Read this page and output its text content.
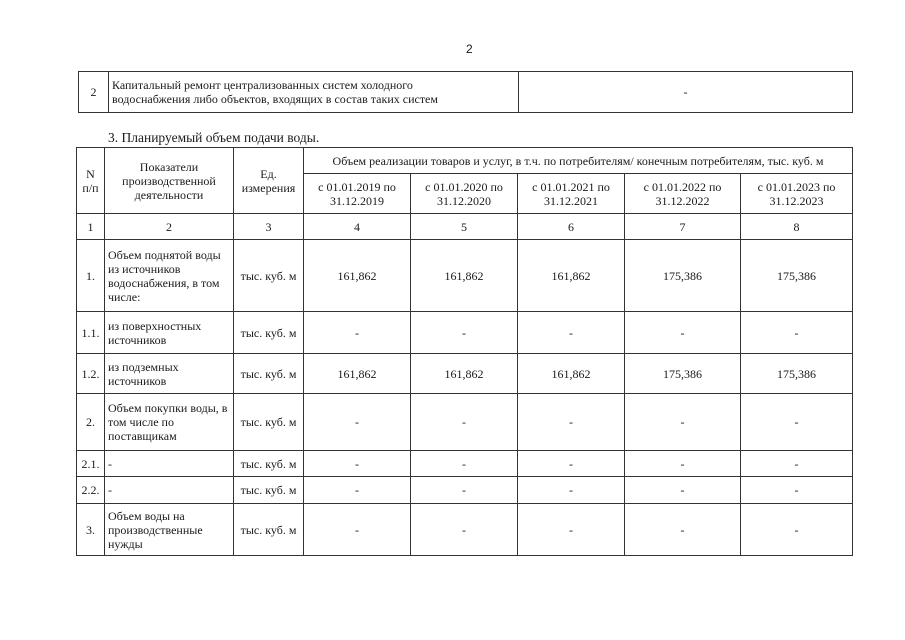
2
2	Капитальный ремонт централизованных систем холодного
водоснабжения либо объектов, входящих в состав таких систем	-
3. Планируемый объем подачи воды.
N п/п	Показатели производственной деятельности	Ед. измерения	Объем реализации товаров и услуг, в т.ч. по потребителям/ конечным потребителям, тыс. куб. м				
			с 01.01.2019 по 31.12.2019	с 01.01.2020 по 31.12.2020	с 01.01.2021 по 31.12.2021	с 01.01.2022 по 31.12.2022	с 01.01.2023 по 31.12.2023
1	2	3	4	5	6	7	8
1.	Объем поднятой воды из источников водоснабжения, в том числе:	тыс. куб. м	161,862	161,862	161,862	175,386	175,386
1.1.	из поверхностных источников	тыс. куб. м	-	-	-	-	-
1.2.	из подземных источников	тыс. куб. м	161,862	161,862	161,862	175,386	175,386
2.	Объем покупки воды, в том числе по поставщикам	тыс. куб. м	-	-	-	-	-
2.1.	-	тыс. куб. м	-	-	-	-	-
2.2.	-	тыс. куб. м	-	-	-	-	-
3.	Объем воды на производственные нужды	тыс. куб. м	-	-	-	-	-
